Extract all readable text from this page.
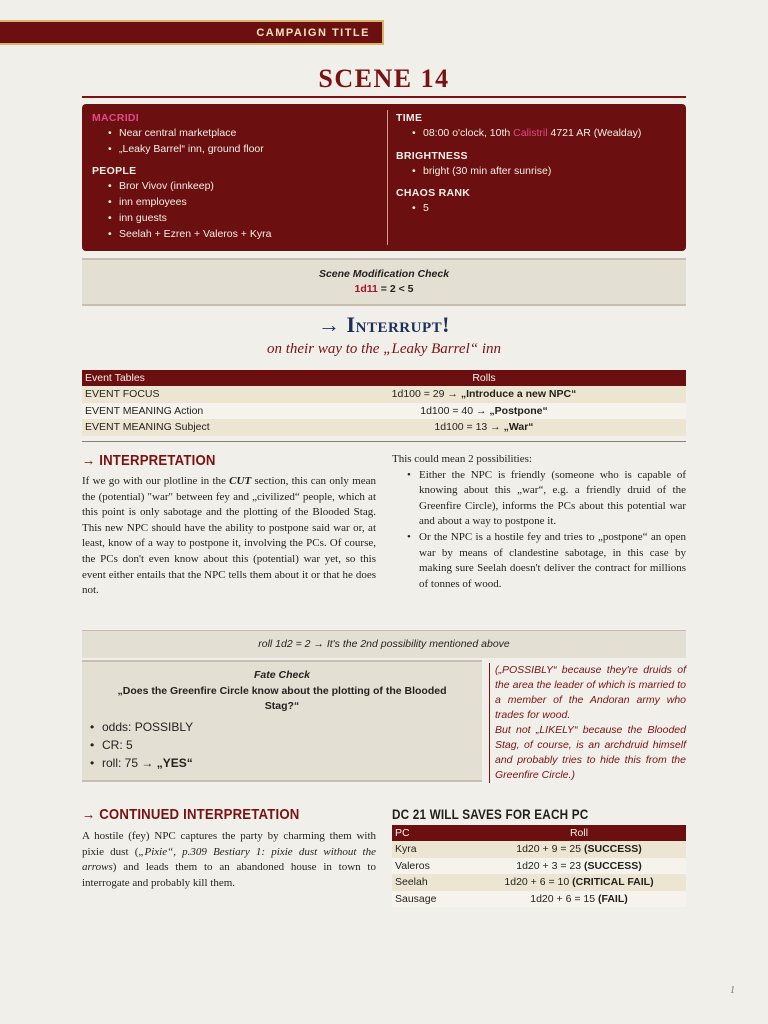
CAMPAIGN TITLE
SCENE 14
MACRIDI
• Near central marketplace
• „Leaky Barrel“ inn, ground floor
PEOPLE
• Bror Vivov (innkeep)
• inn employees
• inn guests
• Seelah + Ezren + Valeros + Kyra
TIME
• 08:00 o'clock, 10th Calistril 4721 AR (Wealday)
BRIGHTNESS
• bright (30 min after sunrise)
CHAOS RANK
• 5
Scene Modification Check
1d11 = 2 < 5
→ Interrupt!
on their way to the „Leaky Barrel“ inn
Event Tables	Rolls
EVENT FOCUS	1d100 = 29 → „Introduce a new NPC“
EVENT MEANING Action	1d100 = 40 → „Postpone“
EVENT MEANING Subject	1d100 = 13 → „War“
→ INTERPRETATION

If we go with our plotline in the CUT section, this can only mean the (potential) "war" between fey and „civilized“ people, which at this point is only sabotage and the plotting of the Blooded Stag. This new NPC should have the ability to postpone said war or, at least, know of a way to postpone it, involving the PCs. Of course, the PCs don't even know about this (potential) war yet, so this event either entails that the NPC tells them about it or that he does not.

This could mean 2 possibilities:
• Either the NPC is friendly (someone who is capable of knowing about this „war“, e.g. a friendly druid of the Greenfire Circle), informs the PCs about this potential war and about a way to postpone it.
• Or the NPC is a hostile fey and tries to „postpone“ an open war by means of clandestine sabotage, in this case by making sure Seelah doesn't deliver the contract for millions of tonnes of wood.
roll 1d2 = 2 → It's the 2nd possibility mentioned above
Fate Check
„Does the Greenfire Circle know about the plotting of the Blooded Stag?“
• odds: POSSIBLY
• CR: 5
• roll: 75 → „YES“
(„POSSIBLY“ because they're druids of the area the leader of which is married to a member of the Andoran army who trades for wood.
But not „LIKELY“ because the Blooded Stag, of course, is an archdruid himself and probably tries to hide this from the Greenfire Circle.)
→ CONTINUED INTERPRETATION

A hostile (fey) NPC captures the party by charming them with pixie dust („Pixie“, p.309 Bestiary 1: pixie dust without the arrows) and leads them to an abandoned house in town to interrogate and probably kill them.

DC 21 WILL SAVES FOR EACH PC
PC	Roll
Kyra	1d20 + 9 = 25 (SUCCESS)
Valeros	1d20 + 3 = 23 (SUCCESS)
Seelah	1d20 + 6 = 10 (CRITICAL FAIL)
Sausage	1d20 + 6 = 15 (FAIL)
1
